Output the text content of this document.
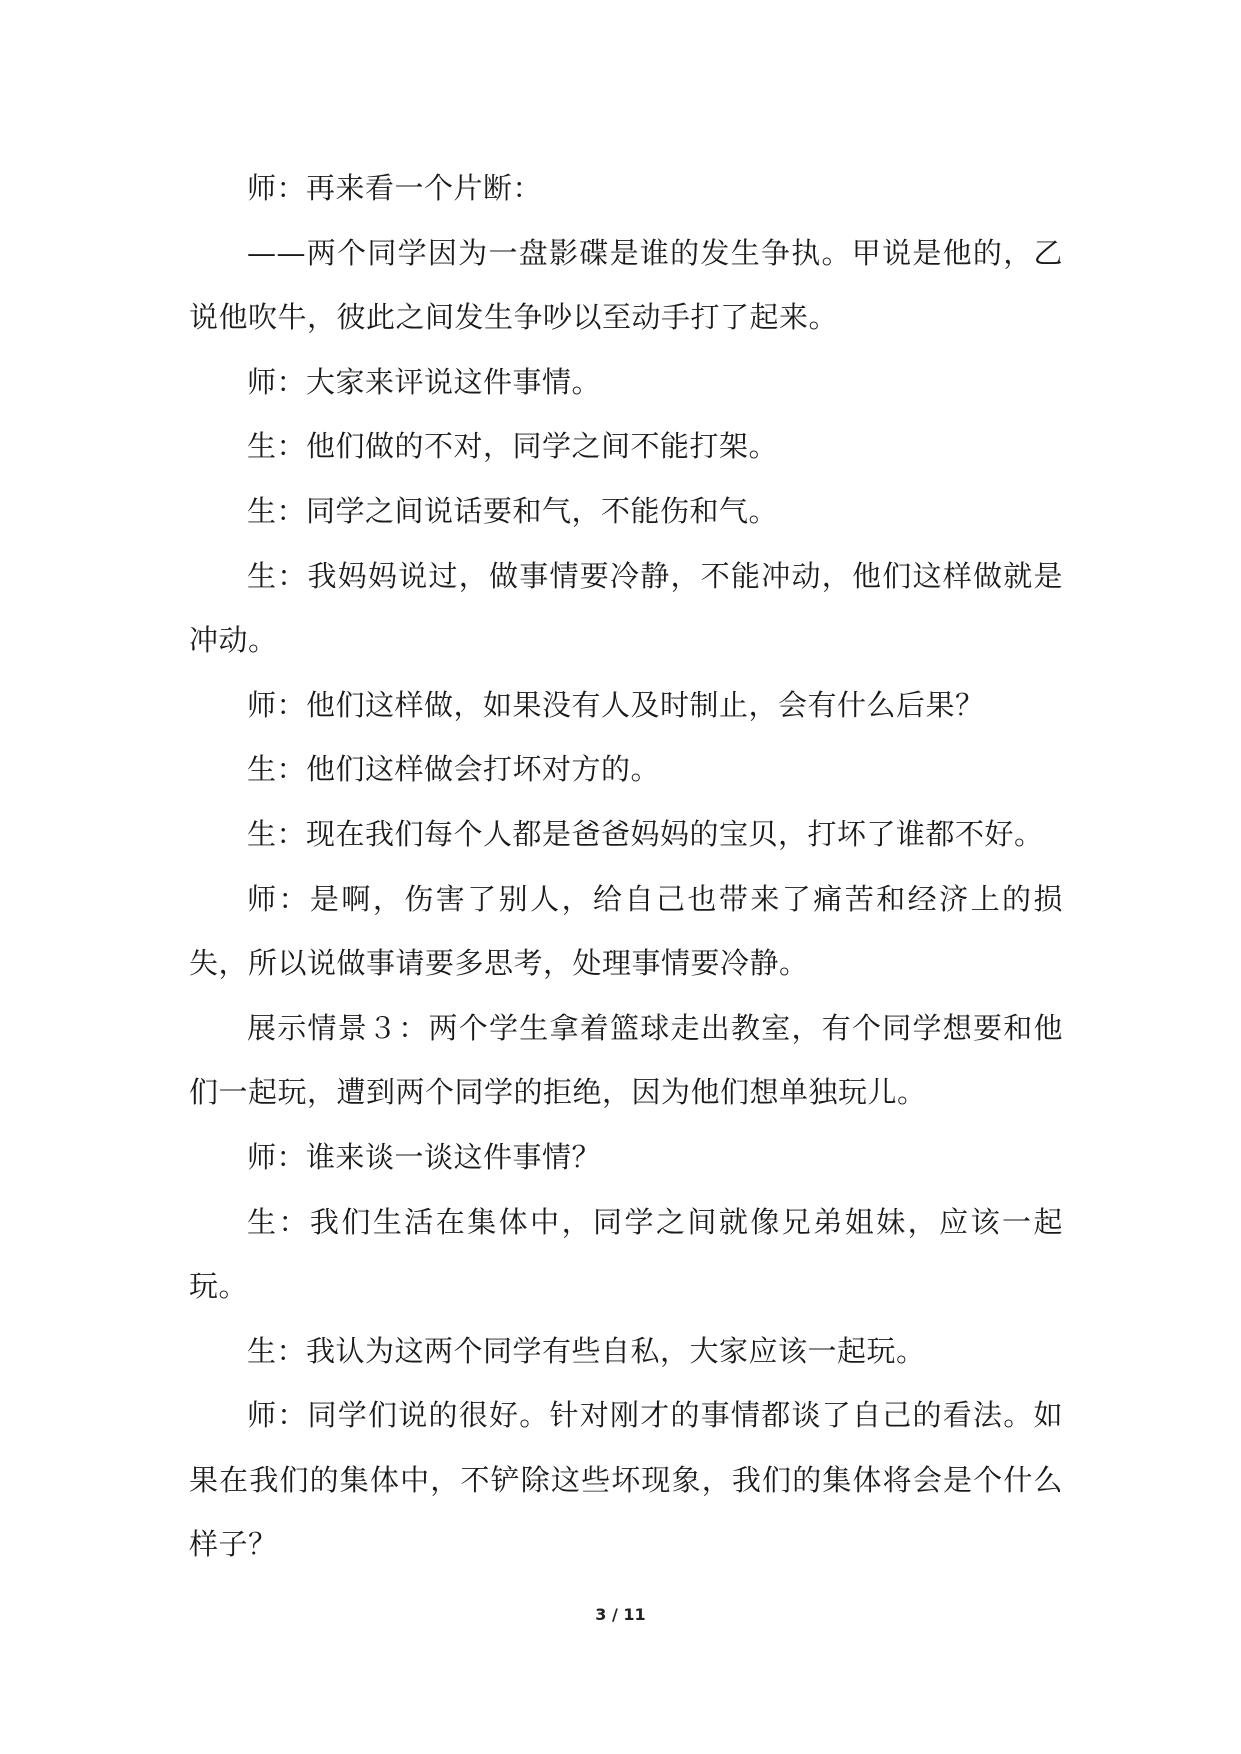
师：再来看一个片断：

——两个同学因为一盘影碟是谁的发生争执。甲说是他的，乙说他吹牛，彼此之间发生争吵以至动手打了起来。

师：大家来评说这件事情。

生：他们做的不对，同学之间不能打架。

生：同学之间说话要和气，不能伤和气。

生：我妈妈说过，做事情要冷静，不能冲动，他们这样做就是冲动。

师：他们这样做，如果没有人及时制止，会有什么后果？

生：他们这样做会打坏对方的。

生：现在我们每个人都是爸爸妈妈的宝贝，打坏了谁都不好。

师：是啊，伤害了别人，给自己也带来了痛苦和经济上的损失，所以说做事请要多思考，处理事情要冷静。

展示情景３：两个学生拿着篮球走出教室，有个同学想要和他们一起玩，遭到两个同学的拒绝，因为他们想单独玩儿。

师：谁来谈一谈这件事情？

生：我们生活在集体中，同学之间就像兄弟姐妹，应该一起玩。

生：我认为这两个同学有些自私，大家应该一起玩。

师：同学们说的很好。针对刚才的事情都谈了自己的看法。如果在我们的集体中，不铲除这些坏现象，我们的集体将会是个什么样子？

3 / 11
